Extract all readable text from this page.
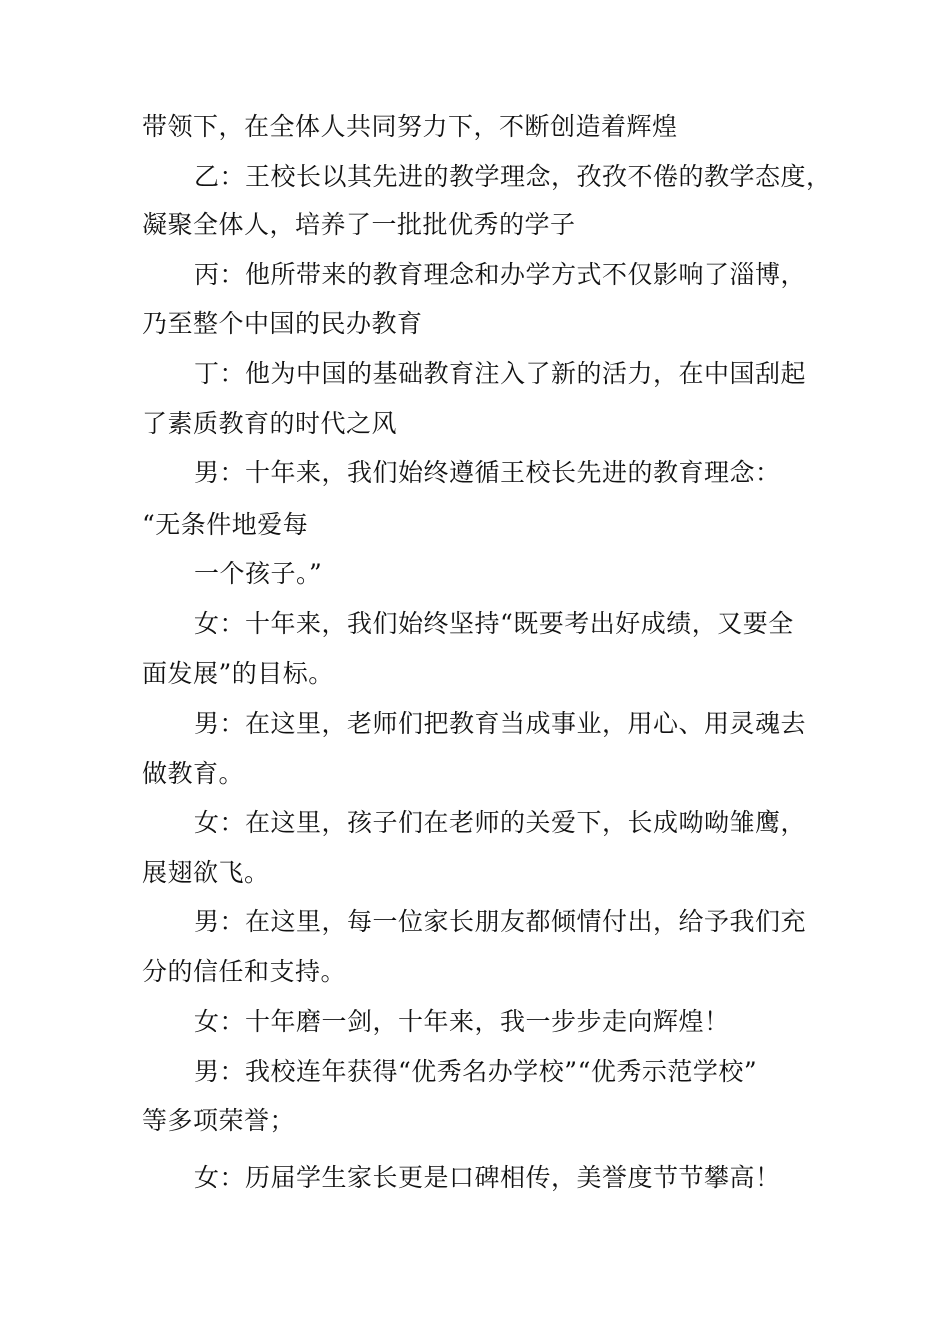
带领下，在全体人共同努力下，不断创造着辉煌
乙：王校长以其先进的教学理念，孜孜不倦的教学态度，
凝聚全体人，培养了一批批优秀的学子
丙：他所带来的教育理念和办学方式不仅影响了淄博，
乃至整个中国的民办教育
丁：他为中国的基础教育注入了新的活力，在中国刮起
了素质教育的时代之风
男：十年来，我们始终遵循王校长先进的教育理念：
“无条件地爱每
一个孩子。”
女：十年来，我们始终坚持“既要考出好成绩，又要全
面发展”的目标。
男：在这里，老师们把教育当成事业，用心、用灵魂去
做教育。
女：在这里，孩子们在老师的关爱下，长成呦呦雏鹰，
展翅欲飞。
男：在这里，每一位家长朋友都倾情付出，给予我们充
分的信任和支持。
女：十年磨一剑，十年来，我一步步走向辉煌！
男：我校连年获得“优秀名办学校”“优秀示范学校”
等多项荣誉；
女：历届学生家长更是口碑相传，美誉度节节攀高！
